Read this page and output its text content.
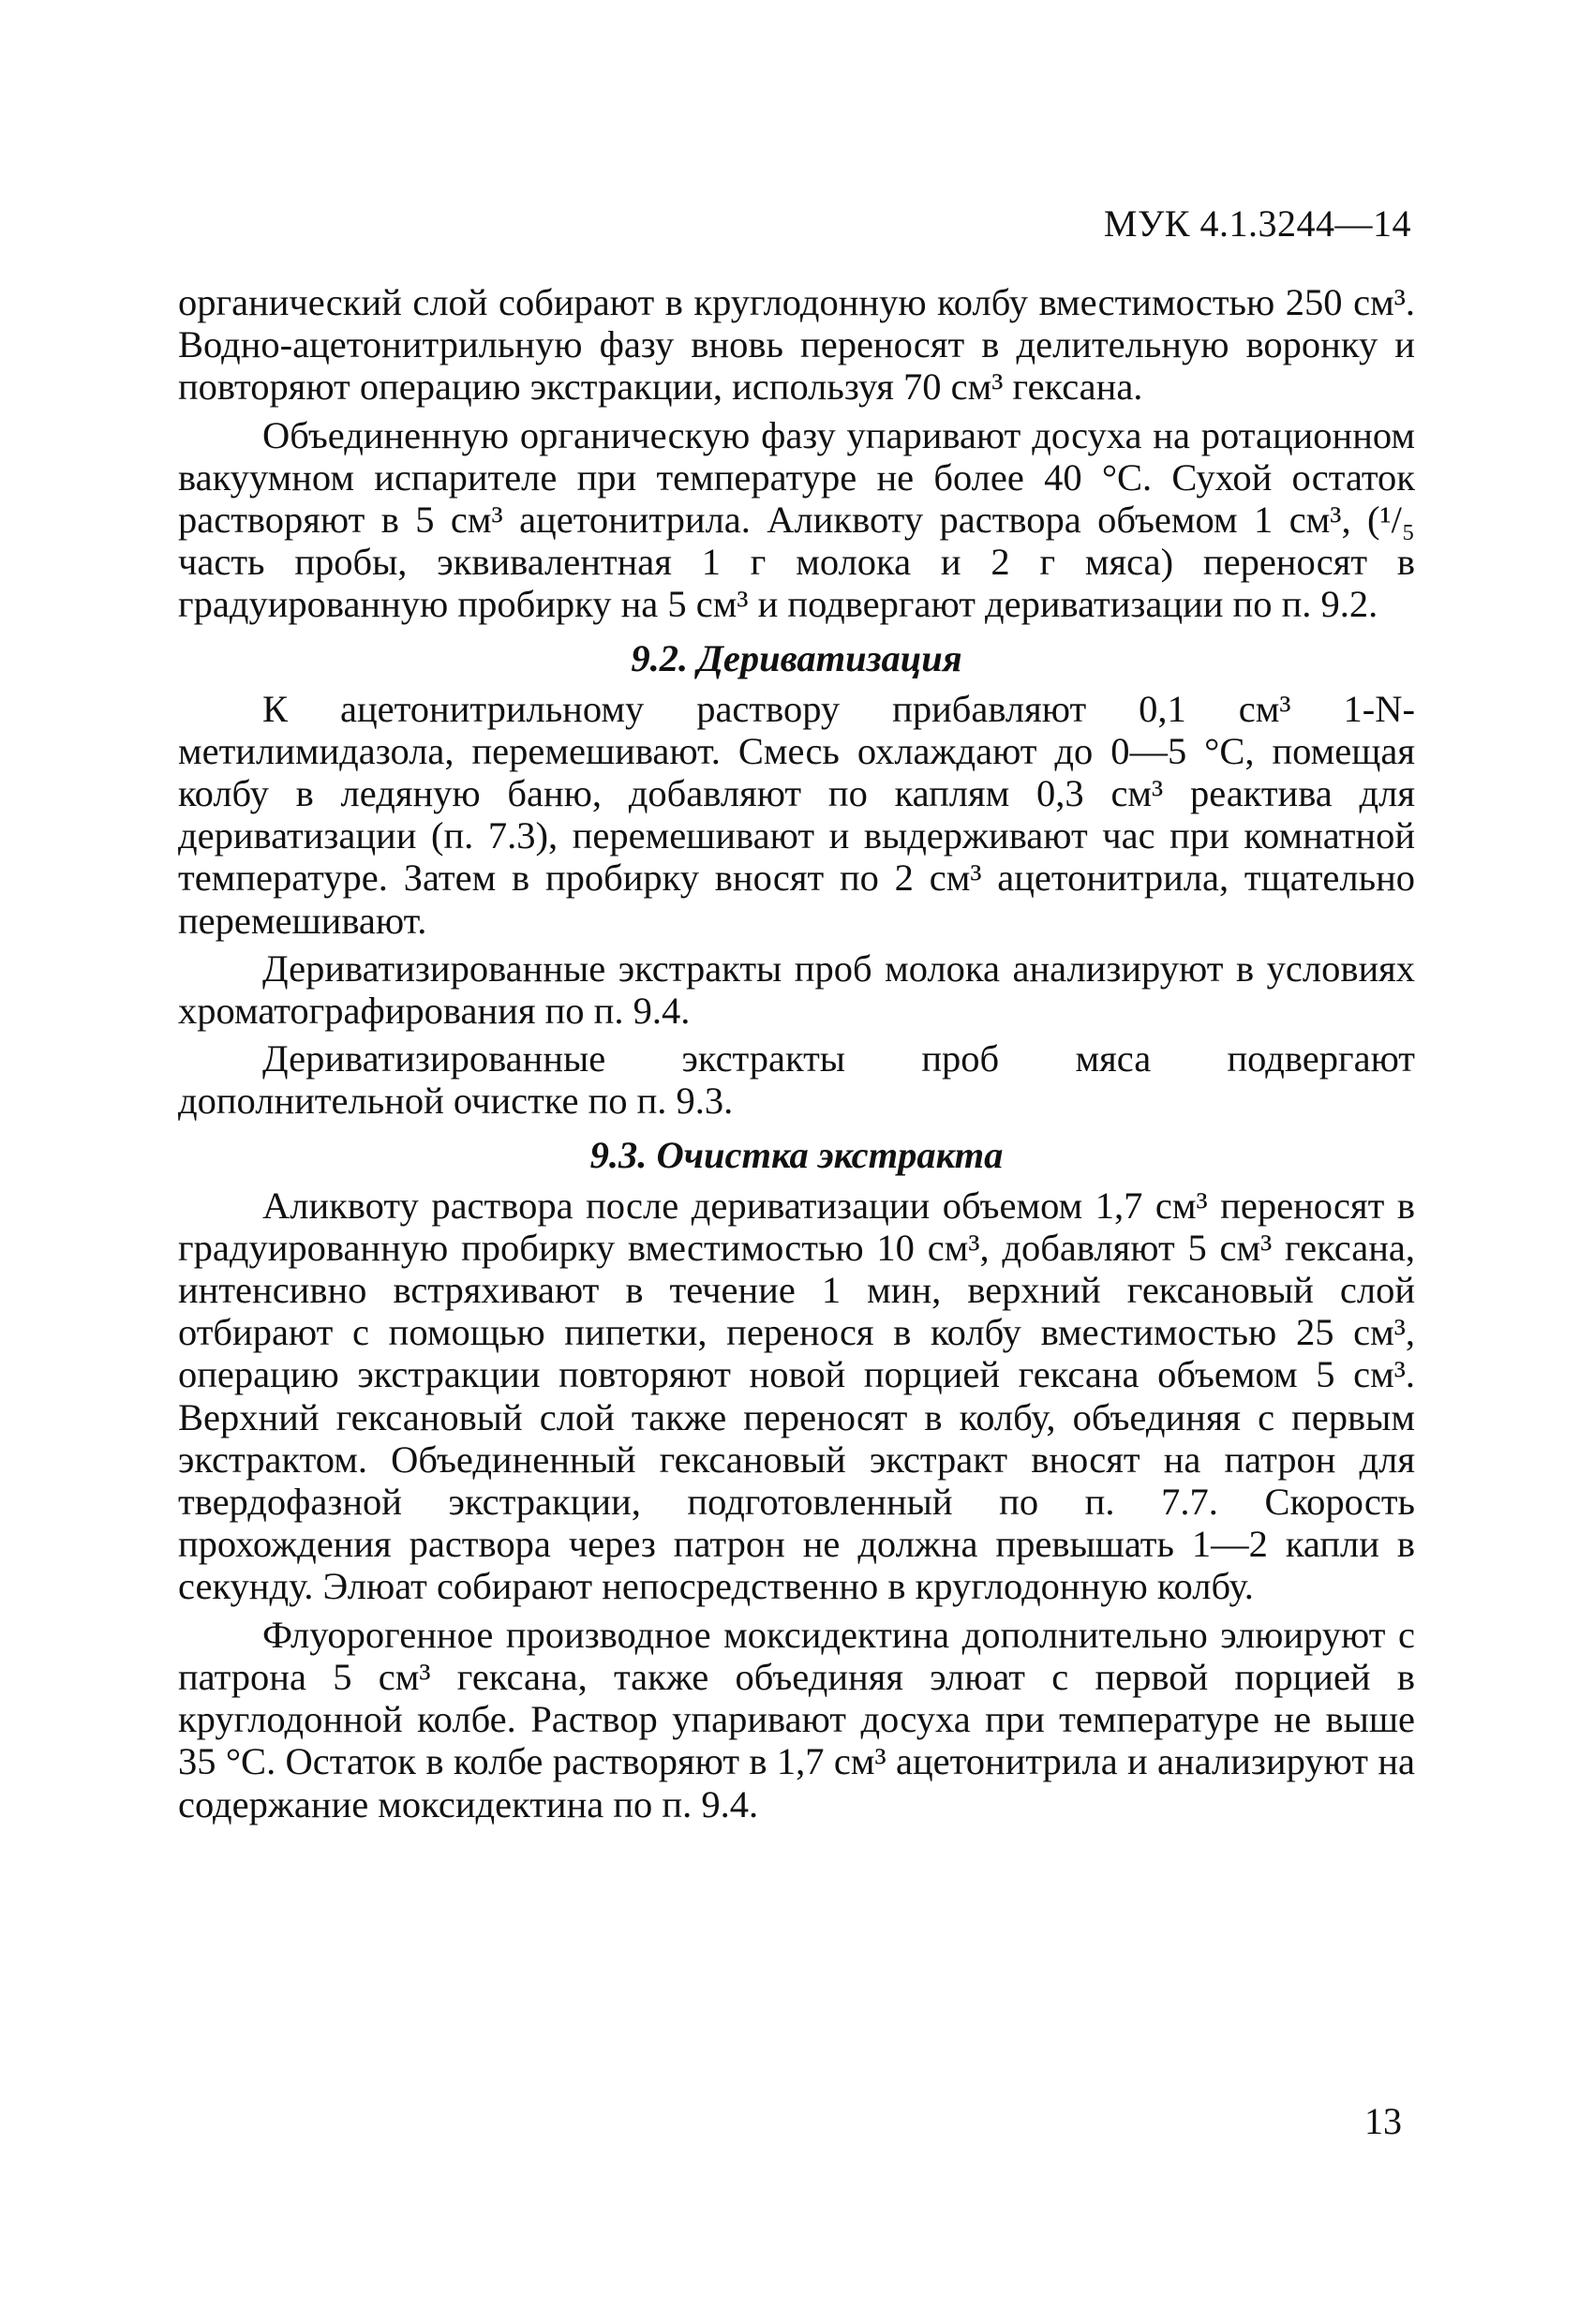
МУК 4.1.3244—14

органический слой собирают в круглодонную колбу вместимостью 250 см³. Водно-ацетонитрильную фазу вновь переносят в делительную воронку и повторяют операцию экстракции, используя 70 см³ гексана.

Объединенную органическую фазу упаривают досуха на ротационном вакуумном испарителе при температуре не более 40 °С. Сухой остаток растворяют в 5 см³ ацетонитрила. Аликвоту раствора объемом 1 см³, (¹/₅ часть пробы, эквивалентная 1 г молока и 2 г мяса) переносят в градуированную пробирку на 5 см³ и подвергают дериватизации по п. 9.2.

9.2. Дериватизация

К ацетонитрильному раствору прибавляют 0,1 см³ 1-N-метилимидазола, перемешивают. Смесь охлаждают до 0—5 °С, помещая колбу в ледяную баню, добавляют по каплям 0,3 см³ реактива для дериватизации (п. 7.3), перемешивают и выдерживают час при комнатной температуре. Затем в пробирку вносят по 2 см³ ацетонитрила, тщательно перемешивают.

Дериватизированные экстракты проб молока анализируют в условиях хроматографирования по п. 9.4.

Дериватизированные экстракты проб мяса подвергают дополнительной очистке по п. 9.3.

9.3. Очистка экстракта

Аликвоту раствора после дериватизации объемом 1,7 см³ переносят в градуированную пробирку вместимостью 10 см³, добавляют 5 см³ гексана, интенсивно встряхивают в течение 1 мин, верхний гексановый слой отбирают с помощью пипетки, перенося в колбу вместимостью 25 см³, операцию экстракции повторяют новой порцией гексана объемом 5 см³. Верхний гексановый слой также переносят в колбу, объединяя с первым экстрактом. Объединенный гексановый экстракт вносят на патрон для твердофазной экстракции, подготовленный по п. 7.7. Скорость прохождения раствора через патрон не должна превышать 1—2 капли в секунду. Элюат собирают непосредственно в круглодонную колбу.

Флуорогенное производное моксидектина дополнительно элюируют с патрона 5 см³ гексана, также объединяя элюат с первой порцией в круглодонной колбе. Раствор упаривают досуха при температуре не выше 35 °С. Остаток в колбе растворяют в 1,7 см³ ацетонитрила и анализируют на содержание моксидектина по п. 9.4.

13
